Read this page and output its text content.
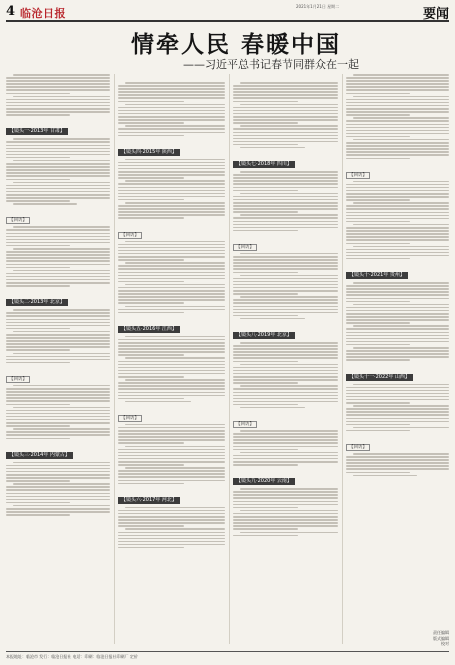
4 临沧日报
2021年1月21日 星期二

要闻
情牵人民 春暖中国
——习近平总书记春节同群众在一起
【镜头一·2013年 甘肃】
【回访】
【镜头二·2013年 北京】
【回访】
【镜头三·2014年 内蒙古】
【镜头四·2015年 陕西】
【回访】
【镜头五·2016年 江西】
【回访】
【镜头六·2017年 河北】
【镜头七·2018年 四川】
【回访】
【镜头八·2019年 北京】
【回访】
【镜头九·2020年 云南】
【回访】
【镜头十·2021年 贵州】
【镜头十一·2022年 山西】
【回访】
责任编辑
版式编辑
校对
本报地址：临沧市 发行：临沧日报社 电话：印刷：临沧日报社印刷厂 定价
